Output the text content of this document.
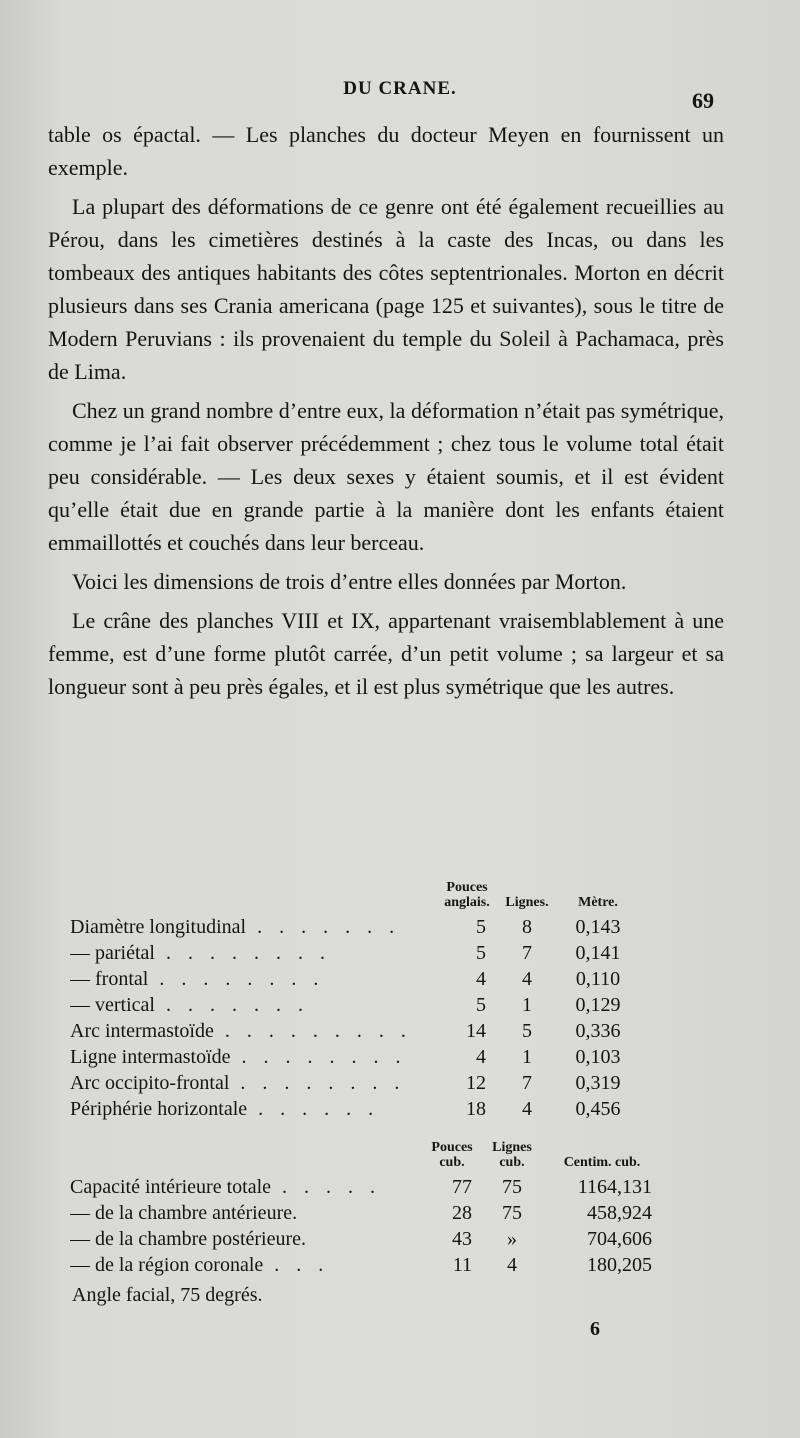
DU CRANE.	69

table os épactal. — Les planches du docteur Meyen en fournissent un exemple.

La plupart des déformations de ce genre ont été également recueillies au Pérou, dans les cimetières destinés à la caste des Incas, ou dans les tombeaux des antiques habitants des côtes septentrionales. Morton en décrit plusieurs dans ses Crania americana (page 125 et suivantes), sous le titre de Modern Peruvians : ils provenaient du temple du Soleil à Pachamaca, près de Lima.

Chez un grand nombre d’entre eux, la déformation n’était pas symétrique, comme je l’ai fait observer précédemment ; chez tous le volume total était peu considérable. — Les deux sexes y étaient soumis, et il est évident qu’elle était due en grande partie à la manière dont les enfants étaient emmaillottés et couchés dans leur berceau.

Voici les dimensions de trois d’entre elles données par Morton.

Le crâne des planches VIII et IX, appartenant vraisemblablement à une femme, est d’une forme plutôt carrée, d’un petit volume ; sa largeur et sa longueur sont à peu près égales, et il est plus symétrique que les autres.

	Pouces anglais.	Lignes.	Mètre.
Diamètre longitudinal . . . . . . .	5	8	0,143
— pariétal . . . . . . . .	5	7	0,141
— frontal . . . . . . . .	4	4	0,110
— vertical . . . . . . .	5	1	0,129
Arc intermastoïde . . . . . . . . .	14	5	0,336
Ligne intermastoïde . . . . . . . .	4	1	0,103
Arc occipito-frontal . . . . . . . .	12	7	0,319
Périphérie horizontale . . . . . .	18	4	0,456
	Pouces cub.	Lignes cub.	Centim. cub.
Capacité intérieure totale . . . . .	77	75	1164,131
— de la chambre antérieure.	28	75	458,924
— de la chambre postérieure.	43	»	704,606
— de la région coronale . . .	11	4	180,205
Angle facial, 75 degrés.
6
